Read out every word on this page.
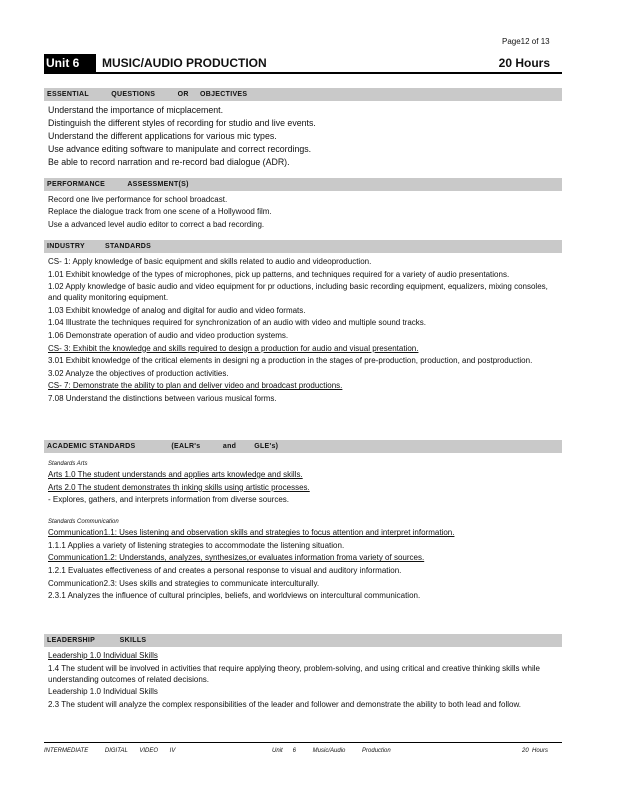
Page12 of 13
Unit 6	MUSIC/AUDIO PRODUCTION	20 Hours
ESSENTIAL          QUESTIONS          OR     OBJECTIVES
Understand the importance of micplacement.
Distinguish the different styles of recording for studio and live events.
Understand the different applications for various mic types.
Use advance editing software to manipulate and correct recordings.
Be able to record narration and re-record bad dialogue (ADR).
PERFORMANCE          ASSESSMENT(S)
Record one live performance for school broadcast.
Replace the dialogue track from one scene of a Hollywood film.
Use a advanced level audio editor to correct a bad recording.
INDUSTRY         STANDARDS
CS- 1: Apply knowledge of basic equipment and skills related to audio and videoproduction.
1.01 Exhibit knowledge of the types of microphones, pick up patterns, and techniques required for a variety of audio presentations.
1.02 Apply knowledge of basic audio and video equipment for pr oductions, including basic recording equipment, equalizers, mixing consoles, and quality monitoring equipment.
1.03 Exhibit knowledge of analog and digital for audio and video formats.
1.04 Illustrate the techniques required for synchronization of an audio with video and multiple sound tracks.
1.06 Demonstrate operation of audio and video production systems.
CS- 3: Exhibit the knowledge and skills required to design a production for audio and visual presentation.
3.01 Exhibit knowledge of the critical elements in designi ng a production in the stages of pre-production, production, and postproduction.
3.02 Analyze the objectives of production activities.
CS- 7: Demonstrate the ability to plan and deliver video and broadcast productions.
7.08 Understand the distinctions between various musical forms.
ACADEMIC STANDARDS                (EALR's          and        GLE's)
Standards Arts
Arts 1.0 The student understands and applies arts knowledge and skills.
Arts 2.0 The student demonstrates th inking skills using artistic processes.
- Explores, gathers, and interprets information from diverse sources.
Standards Communication
Communication1.1: Uses listening and observation skills and strategies to focus attention and interpret information.
1.1.1 Applies a variety of listening strategies to accommodate the listening situation.
Communication1.2: Understands, analyzes, synthesizes,or evaluates information froma variety of sources.
1.2.1 Evaluates effectiveness of and creates a personal response to visual and auditory information.
Communication2.3: Uses skills and strategies to communicate interculturally.
2.3.1 Analyzes the influence of cultural principles, beliefs, and worldviews on intercultural communication.
LEADERSHIP           SKILLS
Leadership 1.0 Individual Skills
1.4 The student will be involved in activities that require applying theory, problem-solving, and using critical and creative thinking skills while understanding outcomes of related decisions.
Leadership 1.0 Individual Skills
2.3 The student will analyze the complex responsibilities of the leader and follower and demonstrate the ability to both lead and follow.
INTERMEDIATE          DIGITAL       VIDEO       IV	Unit      6          Music/Audio          Production	20  Hours
